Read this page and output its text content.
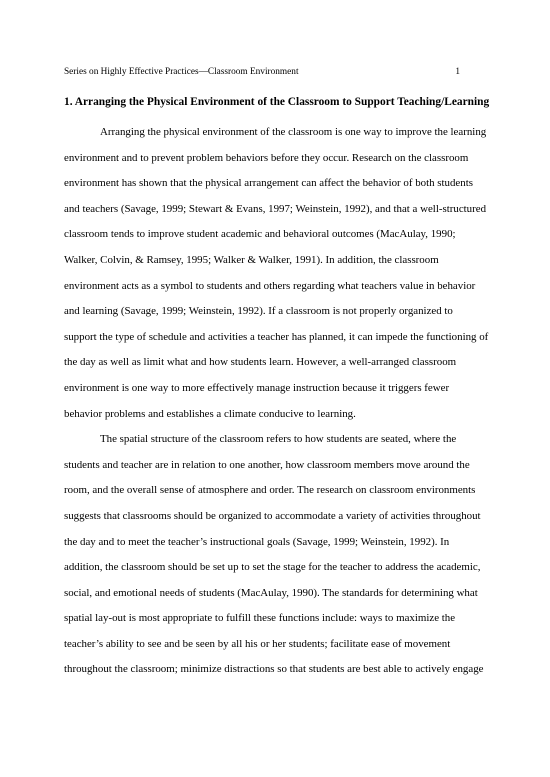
Series on Highly Effective Practices—Classroom Environment	1
1. Arranging the Physical Environment of the Classroom to Support Teaching/Learning
Arranging the physical environment of the classroom is one way to improve the learning
environment and to prevent problem behaviors before they occur. Research on the classroom
environment has shown that the physical arrangement can affect the behavior of both students
and teachers (Savage, 1999; Stewart & Evans, 1997; Weinstein, 1992), and that a well-structured
classroom tends to improve student academic and behavioral outcomes (MacAulay, 1990;
Walker, Colvin, & Ramsey, 1995; Walker & Walker, 1991). In addition, the classroom
environment acts as a symbol to students and others regarding what teachers value in behavior
and learning (Savage, 1999; Weinstein, 1992). If a classroom is not properly organized to
support the type of schedule and activities a teacher has planned, it can impede the functioning of
the day as well as limit what and how students learn. However, a well-arranged classroom
environment is one way to more effectively manage instruction because it triggers fewer
behavior problems and establishes a climate conducive to learning.
The spatial structure of the classroom refers to how students are seated, where the
students and teacher are in relation to one another, how classroom members move around the
room, and the overall sense of atmosphere and order. The research on classroom environments
suggests that classrooms should be organized to accommodate a variety of activities throughout
the day and to meet the teacher’s instructional goals (Savage, 1999; Weinstein, 1992). In
addition, the classroom should be set up to set the stage for the teacher to address the academic,
social, and emotional needs of students (MacAulay, 1990). The standards for determining what
spatial lay-out is most appropriate to fulfill these functions include: ways to maximize the
teacher’s ability to see and be seen by all his or her students; facilitate ease of movement
throughout the classroom; minimize distractions so that students are best able to actively engage
